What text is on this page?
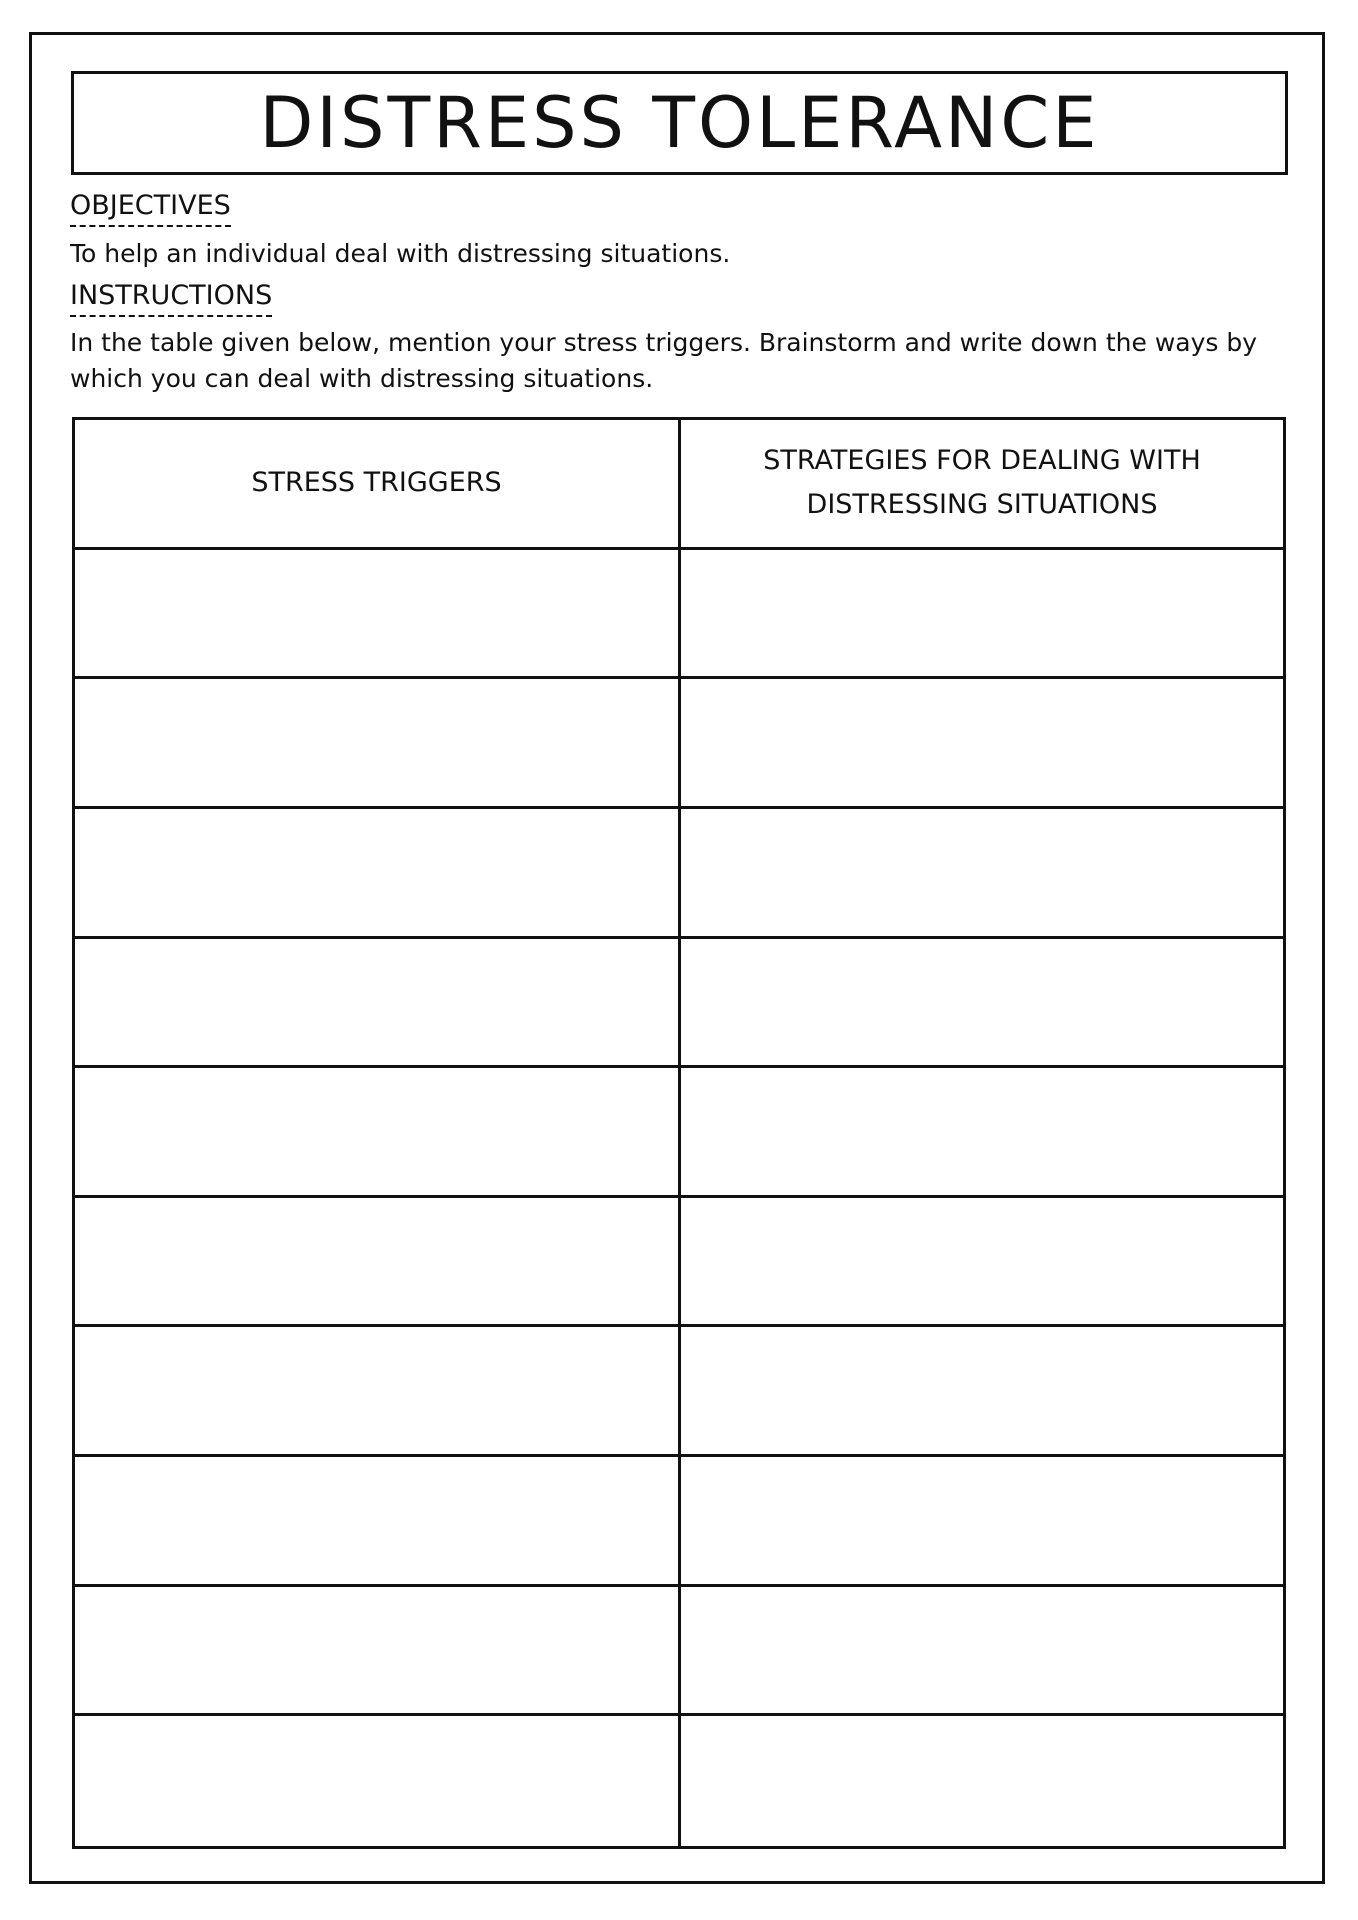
DISTRESS TOLERANCE
OBJECTIVES
To help an individual deal with distressing situations.
INSTRUCTIONS
In the table given below, mention your stress triggers. Brainstorm and write down the ways by which you can deal with distressing situations.
STRESS TRIGGERS
STRATEGIES FOR DEALING WITH DISTRESSING SITUATIONS
